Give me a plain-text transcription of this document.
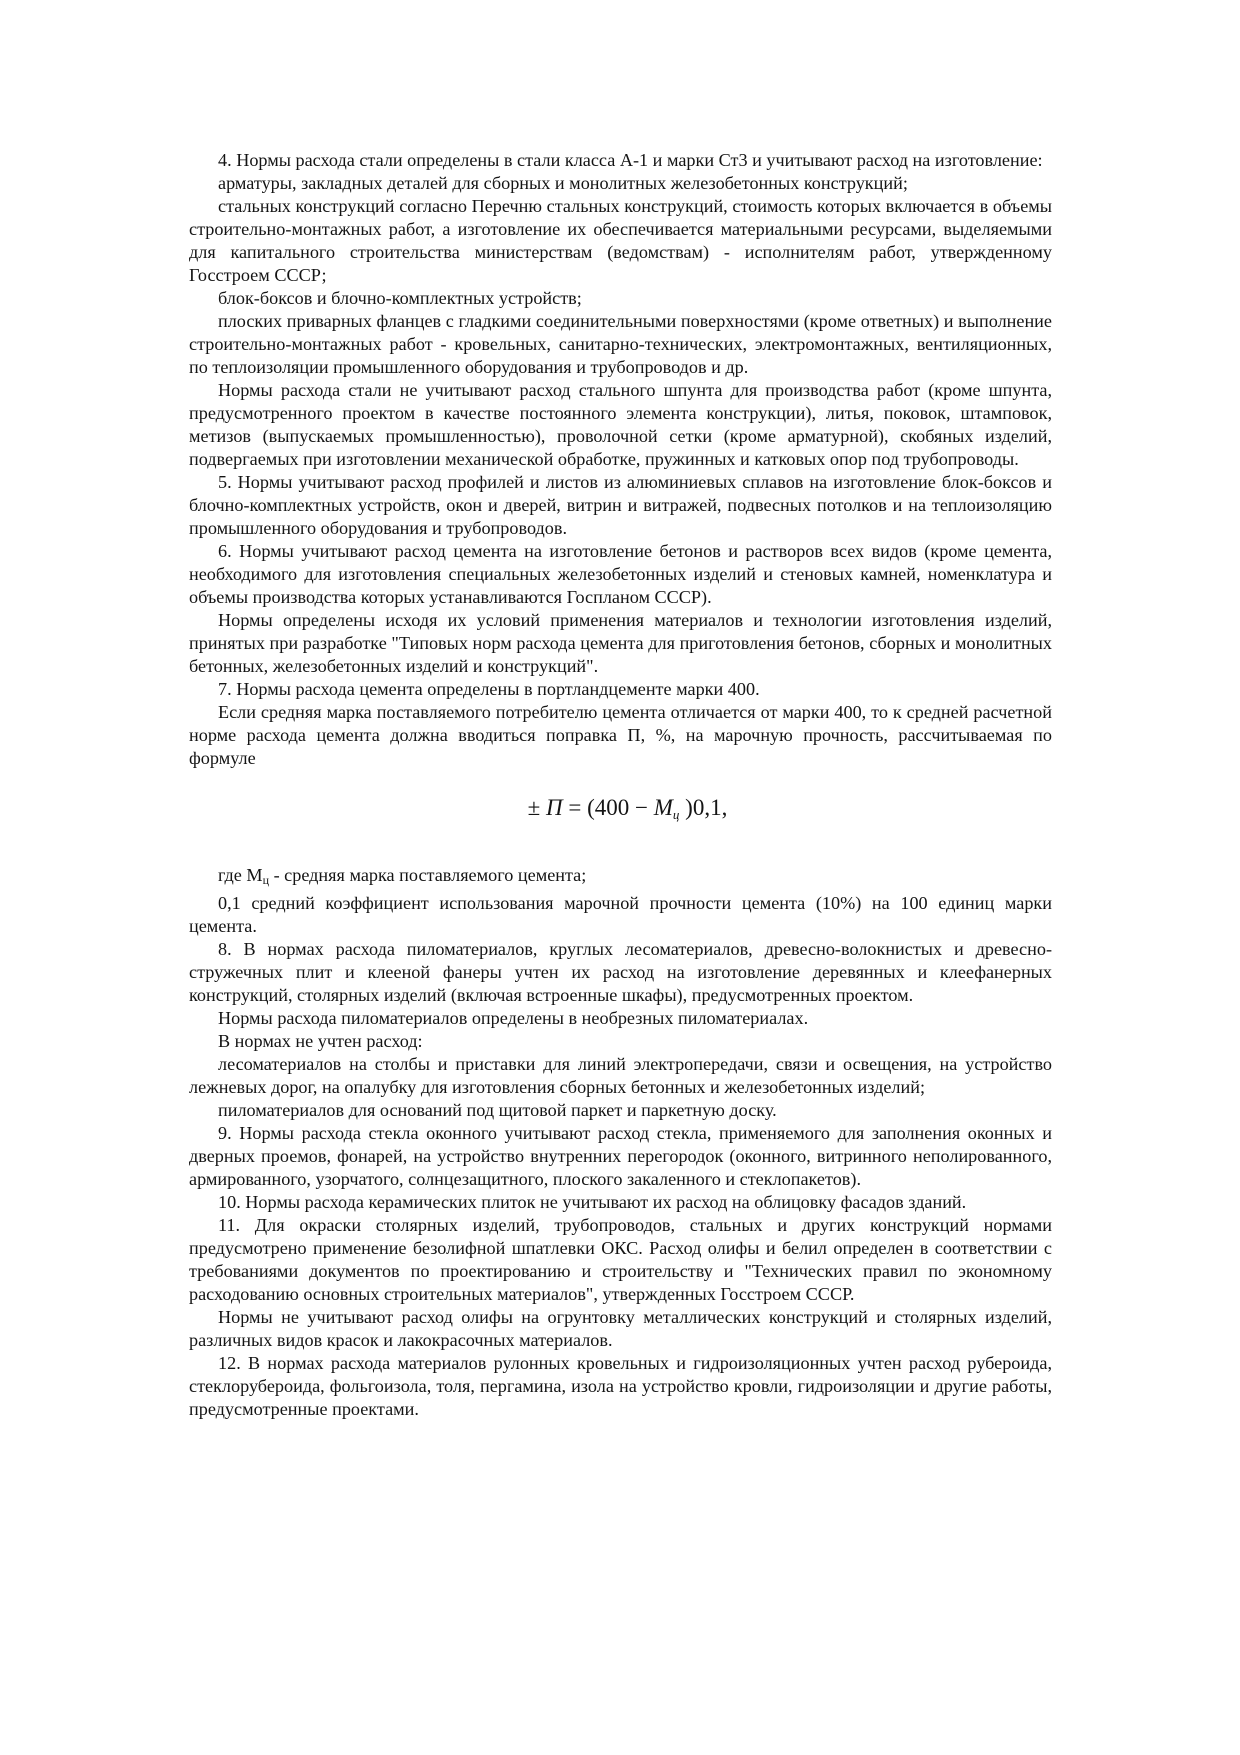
4. Нормы расхода стали определены в стали класса А-1 и марки Ст3 и учитывают расход на изготовление:

арматуры, закладных деталей для сборных и монолитных железобетонных конструкций;

стальных конструкций согласно Перечню стальных конструкций, стоимость которых включается в объемы строительно-монтажных работ, а изготовление их обеспечивается материальными ресурсами, выделяемыми для капитального строительства министерствам (ведомствам) - исполнителям работ, утвержденному Госстроем СССР;

блок-боксов и блочно-комплектных устройств;

плоских приварных фланцев с гладкими соединительными поверхностями (кроме ответных) и выполнение строительно-монтажных работ - кровельных, санитарно-технических, электромонтажных, вентиляционных, по теплоизоляции промышленного оборудования и трубопроводов и др.

Нормы расхода стали не учитывают расход стального шпунта для производства работ (кроме шпунта, предусмотренного проектом в качестве постоянного элемента конструкции), литья, поковок, штамповок, метизов (выпускаемых промышленностью), проволочной сетки (кроме арматурной), скобяных изделий, подвергаемых при изготовлении механической обработке, пружинных и катковых опор под трубопроводы.

5. Нормы учитывают расход профилей и листов из алюминиевых сплавов на изготовление блок-боксов и блочно-комплектных устройств, окон и дверей, витрин и витражей, подвесных потолков и на теплоизоляцию промышленного оборудования и трубопроводов.

6. Нормы учитывают расход цемента на изготовление бетонов и растворов всех видов (кроме цемента, необходимого для изготовления специальных железобетонных изделий и стеновых камней, номенклатура и объемы производства которых устанавливаются Госпланом СССР).

Нормы определены исходя их условий применения материалов и технологии изготовления изделий, принятых при разработке "Типовых норм расхода цемента для приготовления бетонов, сборных и монолитных бетонных, железобетонных изделий и конструкций".

7. Нормы расхода цемента определены в портландцементе марки 400.

Если средняя марка поставляемого потребителю цемента отличается от марки 400, то к средней расчетной норме расхода цемента должна вводиться поправка П, %, на марочную прочность, рассчитываемая по формуле

± $П = (400 - М_ц$ )0,1,

где Мц - средняя марка поставляемого цемента;

0,1 средний коэффициент использования марочной прочности цемента (10%) на 100 единиц марки цемента.

8. В нормах расхода пиломатериалов, круглых лесоматериалов, древесно-волокнистых и древесно-стружечных плит и клееной фанеры учтен их расход на изготовление деревянных и клеефанерных конструкций, столярных изделий (включая встроенные шкафы), предусмотренных проектом.

Нормы расхода пиломатериалов определены в необрезных пиломатериалах.

В нормах не учтен расход:

лесоматериалов на столбы и приставки для линий электропередачи, связи и освещения, на устройство лежневых дорог, на опалубку для изготовления сборных бетонных и железобетонных изделий;

пиломатериалов для оснований под щитовой паркет и паркетную доску.

9. Нормы расхода стекла оконного учитывают расход стекла, применяемого для заполнения оконных и дверных проемов, фонарей, на устройство внутренних перегородок (оконного, витринного неполированного, армированного, узорчатого, солнцезащитного, плоского закаленного и стеклопакетов).

10. Нормы расхода керамических плиток не учитывают их расход на облицовку фасадов зданий.

11. Для окраски столярных изделий, трубопроводов, стальных и других конструкций нормами предусмотрено применение безолифной шпатлевки ОКС. Расход олифы и белил определен в соответствии с требованиями документов по проектированию и строительству и "Технических правил по экономному расходованию основных строительных материалов", утвержденных Госстроем СССР.

Нормы не учитывают расход олифы на огрунтовку металлических конструкций и столярных изделий, различных видов красок и лакокрасочных материалов.

12. В нормах расхода материалов рулонных кровельных и гидроизоляционных учтен расход рубероида, стеклорубероида, фольгоизола, толя, пергамина, изола на устройство кровли, гидроизоляции и другие работы, предусмотренные проектами.
